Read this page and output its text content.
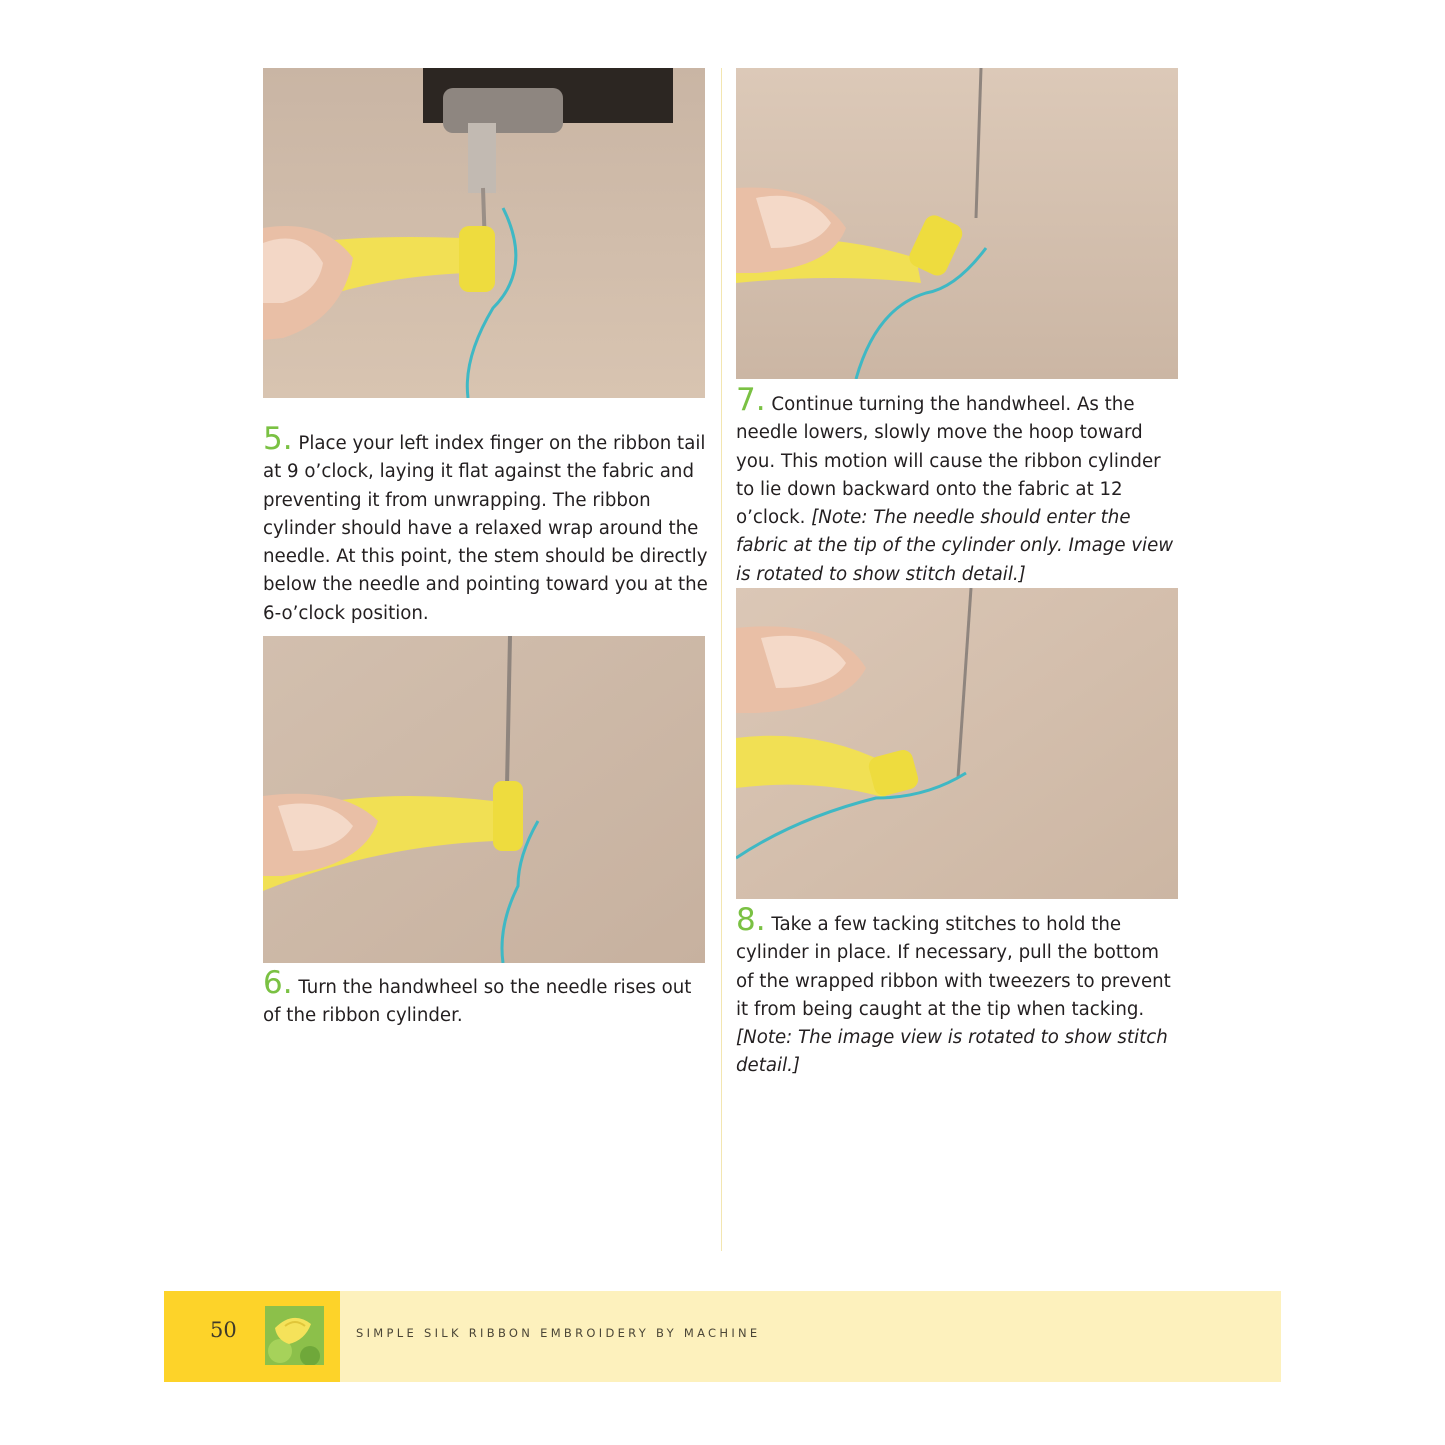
5. Place your left index finger on the ribbon tail at 9 o’clock, laying it flat against the fabric and preventing it from unwrapping. The ribbon cylinder should have a relaxed wrap around the needle. At this point, the stem should be directly below the needle and pointing toward you at the 6-o’clock position.

6. Turn the handwheel so the needle rises out of the ribbon cylinder.

7. Continue turning the handwheel. As the needle lowers, slowly move the hoop toward you. This motion will cause the ribbon cylinder to lie down backward onto the fabric at 12 o’clock. [Note: The needle should enter the fabric at the tip of the cylinder only. Image view is rotated to show stitch detail.]

8. Take a few tacking stitches to hold the cylinder in place. If necessary, pull the bottom of the wrapped ribbon with tweezers to prevent it from being caught at the tip when tacking. [Note: The image view is rotated to show stitch detail.]

50	SIMPLE SILK RIBBON EMBROIDERY BY MACHINE
